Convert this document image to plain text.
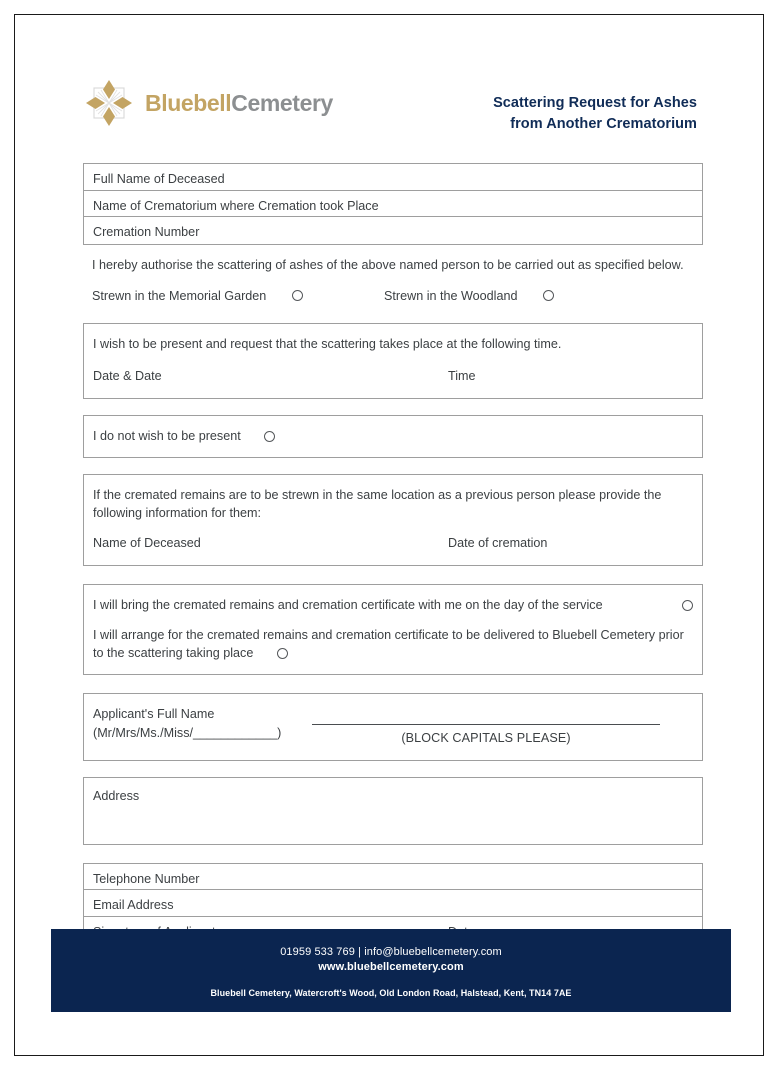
BluebellCemetery	Scattering Request for Ashes
from Another Crematorium
Full Name of Deceased
Name of Crematorium where Cremation took Place
Cremation Number

I hereby authorise the scattering of ashes of the above named person to be carried out as specified below.

Strewn in the Memorial Garden	Strewn in the Woodland

I wish to be present and request that the scattering takes place at the following time.

Date & Date	Time
I do not wish to be present

If the cremated remains are to be strewn in the same location as a previous person please provide the following information for them:

Name of Deceased	Date of cremation
I will bring the cremated remains and cremation certificate with me on the day of the service
I will arrange for the cremated remains and cremation certificate to be delivered to Bluebell Cemetery prior to the scattering taking place
Applicant's Full Name
(Mr/Mrs/Ms./Miss/____________)	(BLOCK CAPITALS PLEASE)
Address
Telephone Number
Email Address
01959 533 769 | info@bluebellcemetery.com
www.bluebellcemetery.com
Bluebell Cemetery, Watercroft's Wood, Old London Road, Halstead, Kent, TN14 7AE
